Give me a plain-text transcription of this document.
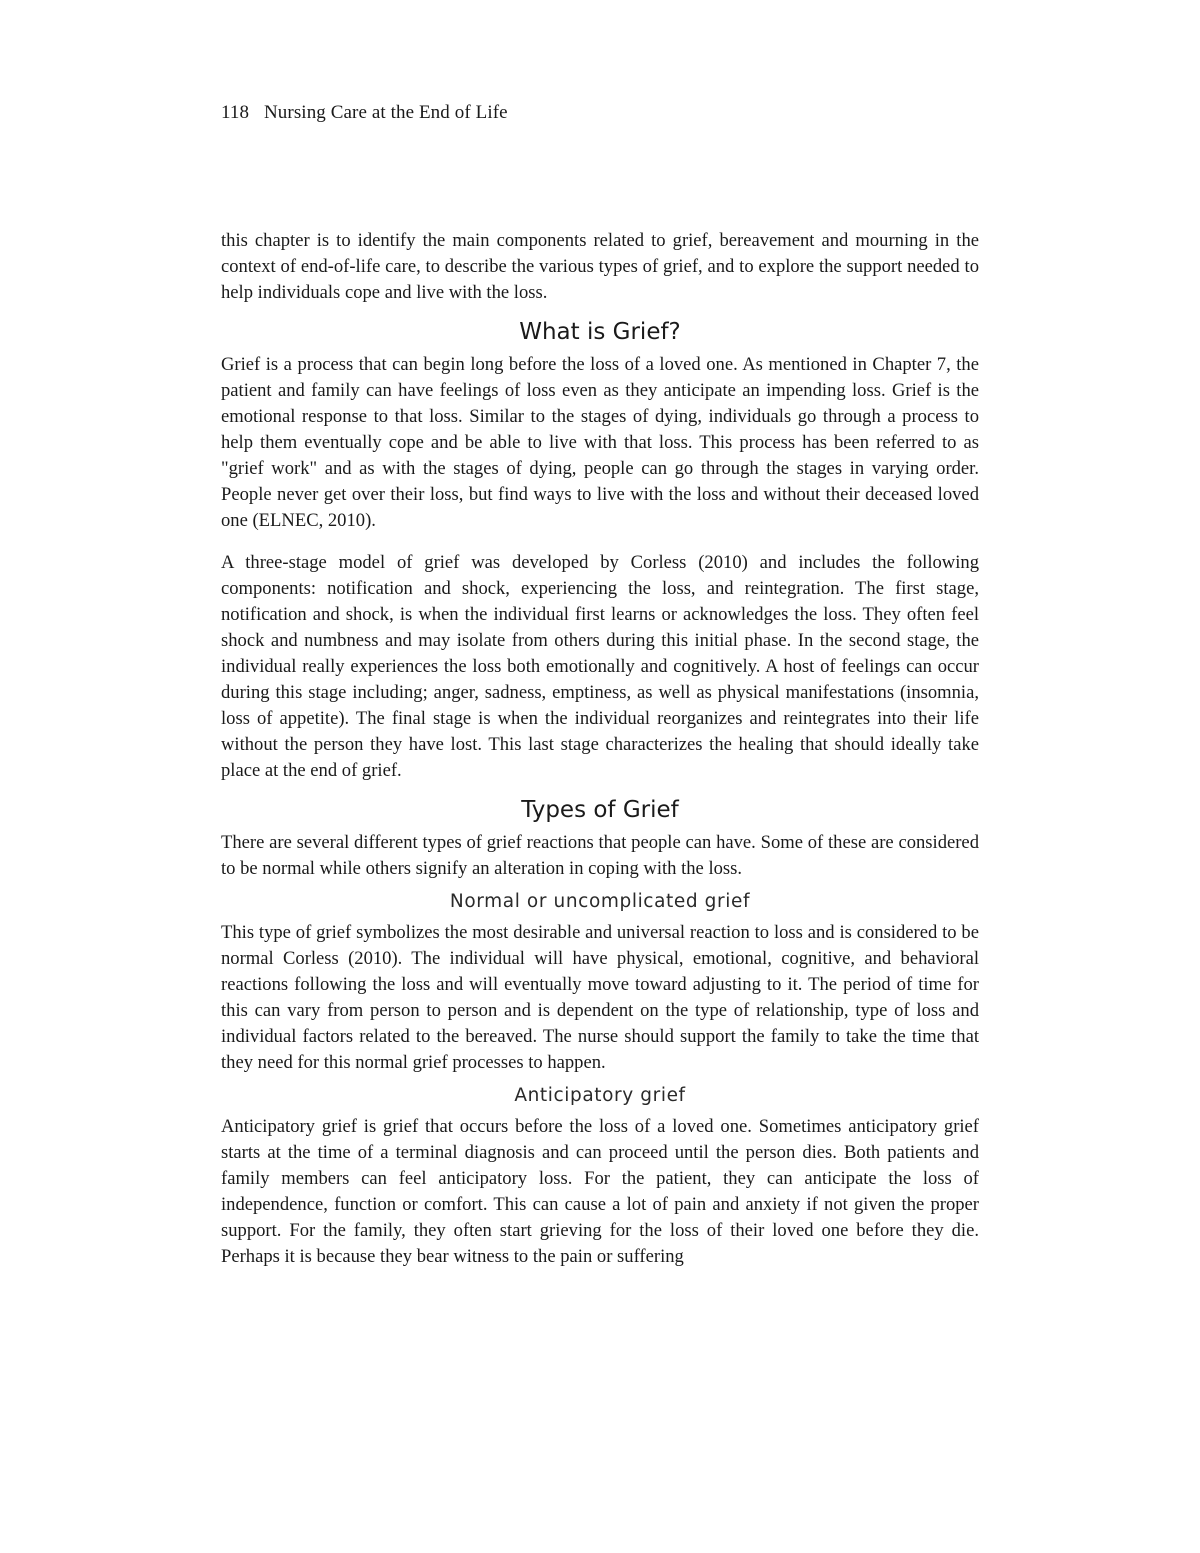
118 Nursing Care at the End of Life

this chapter is to identify the main components related to grief, bereavement and mourning in the context of end-of-life care, to describe the various types of grief, and to explore the support needed to help individuals cope and live with the loss.

What is Grief?

Grief is a process that can begin long before the loss of a loved one. As mentioned in Chapter 7, the patient and family can have feelings of loss even as they anticipate an impending loss. Grief is the emotional response to that loss. Similar to the stages of dying, individuals go through a process to help them eventually cope and be able to live with that loss. This process has been referred to as "grief work" and as with the stages of dying, people can go through the stages in varying order. People never get over their loss, but find ways to live with the loss and without their deceased loved one (ELNEC, 2010).

A three-stage model of grief was developed by Corless (2010) and includes the following components: notification and shock, experiencing the loss, and reintegration. The first stage, notification and shock, is when the individual first learns or acknowledges the loss. They often feel shock and numbness and may isolate from others during this initial phase. In the second stage, the individual really experiences the loss both emotionally and cognitively. A host of feelings can occur during this stage including; anger, sadness, emptiness, as well as physical manifestations (insomnia, loss of appetite). The final stage is when the individual reorganizes and reintegrates into their life without the person they have lost. This last stage characterizes the healing that should ideally take place at the end of grief.

Types of Grief

There are several different types of grief reactions that people can have. Some of these are considered to be normal while others signify an alteration in coping with the loss.

Normal or uncomplicated grief

This type of grief symbolizes the most desirable and universal reaction to loss and is considered to be normal Corless (2010). The individual will have physical, emotional, cognitive, and behavioral reactions following the loss and will eventually move toward adjusting to it. The period of time for this can vary from person to person and is dependent on the type of relationship, type of loss and individual factors related to the bereaved. The nurse should support the family to take the time that they need for this normal grief processes to happen.

Anticipatory grief

Anticipatory grief is grief that occurs before the loss of a loved one. Sometimes anticipatory grief starts at the time of a terminal diagnosis and can proceed until the person dies. Both patients and family members can feel anticipatory loss. For the patient, they can anticipate the loss of independence, function or comfort. This can cause a lot of pain and anxiety if not given the proper support. For the family, they often start grieving for the loss of their loved one before they die. Perhaps it is because they bear witness to the pain or suffering
